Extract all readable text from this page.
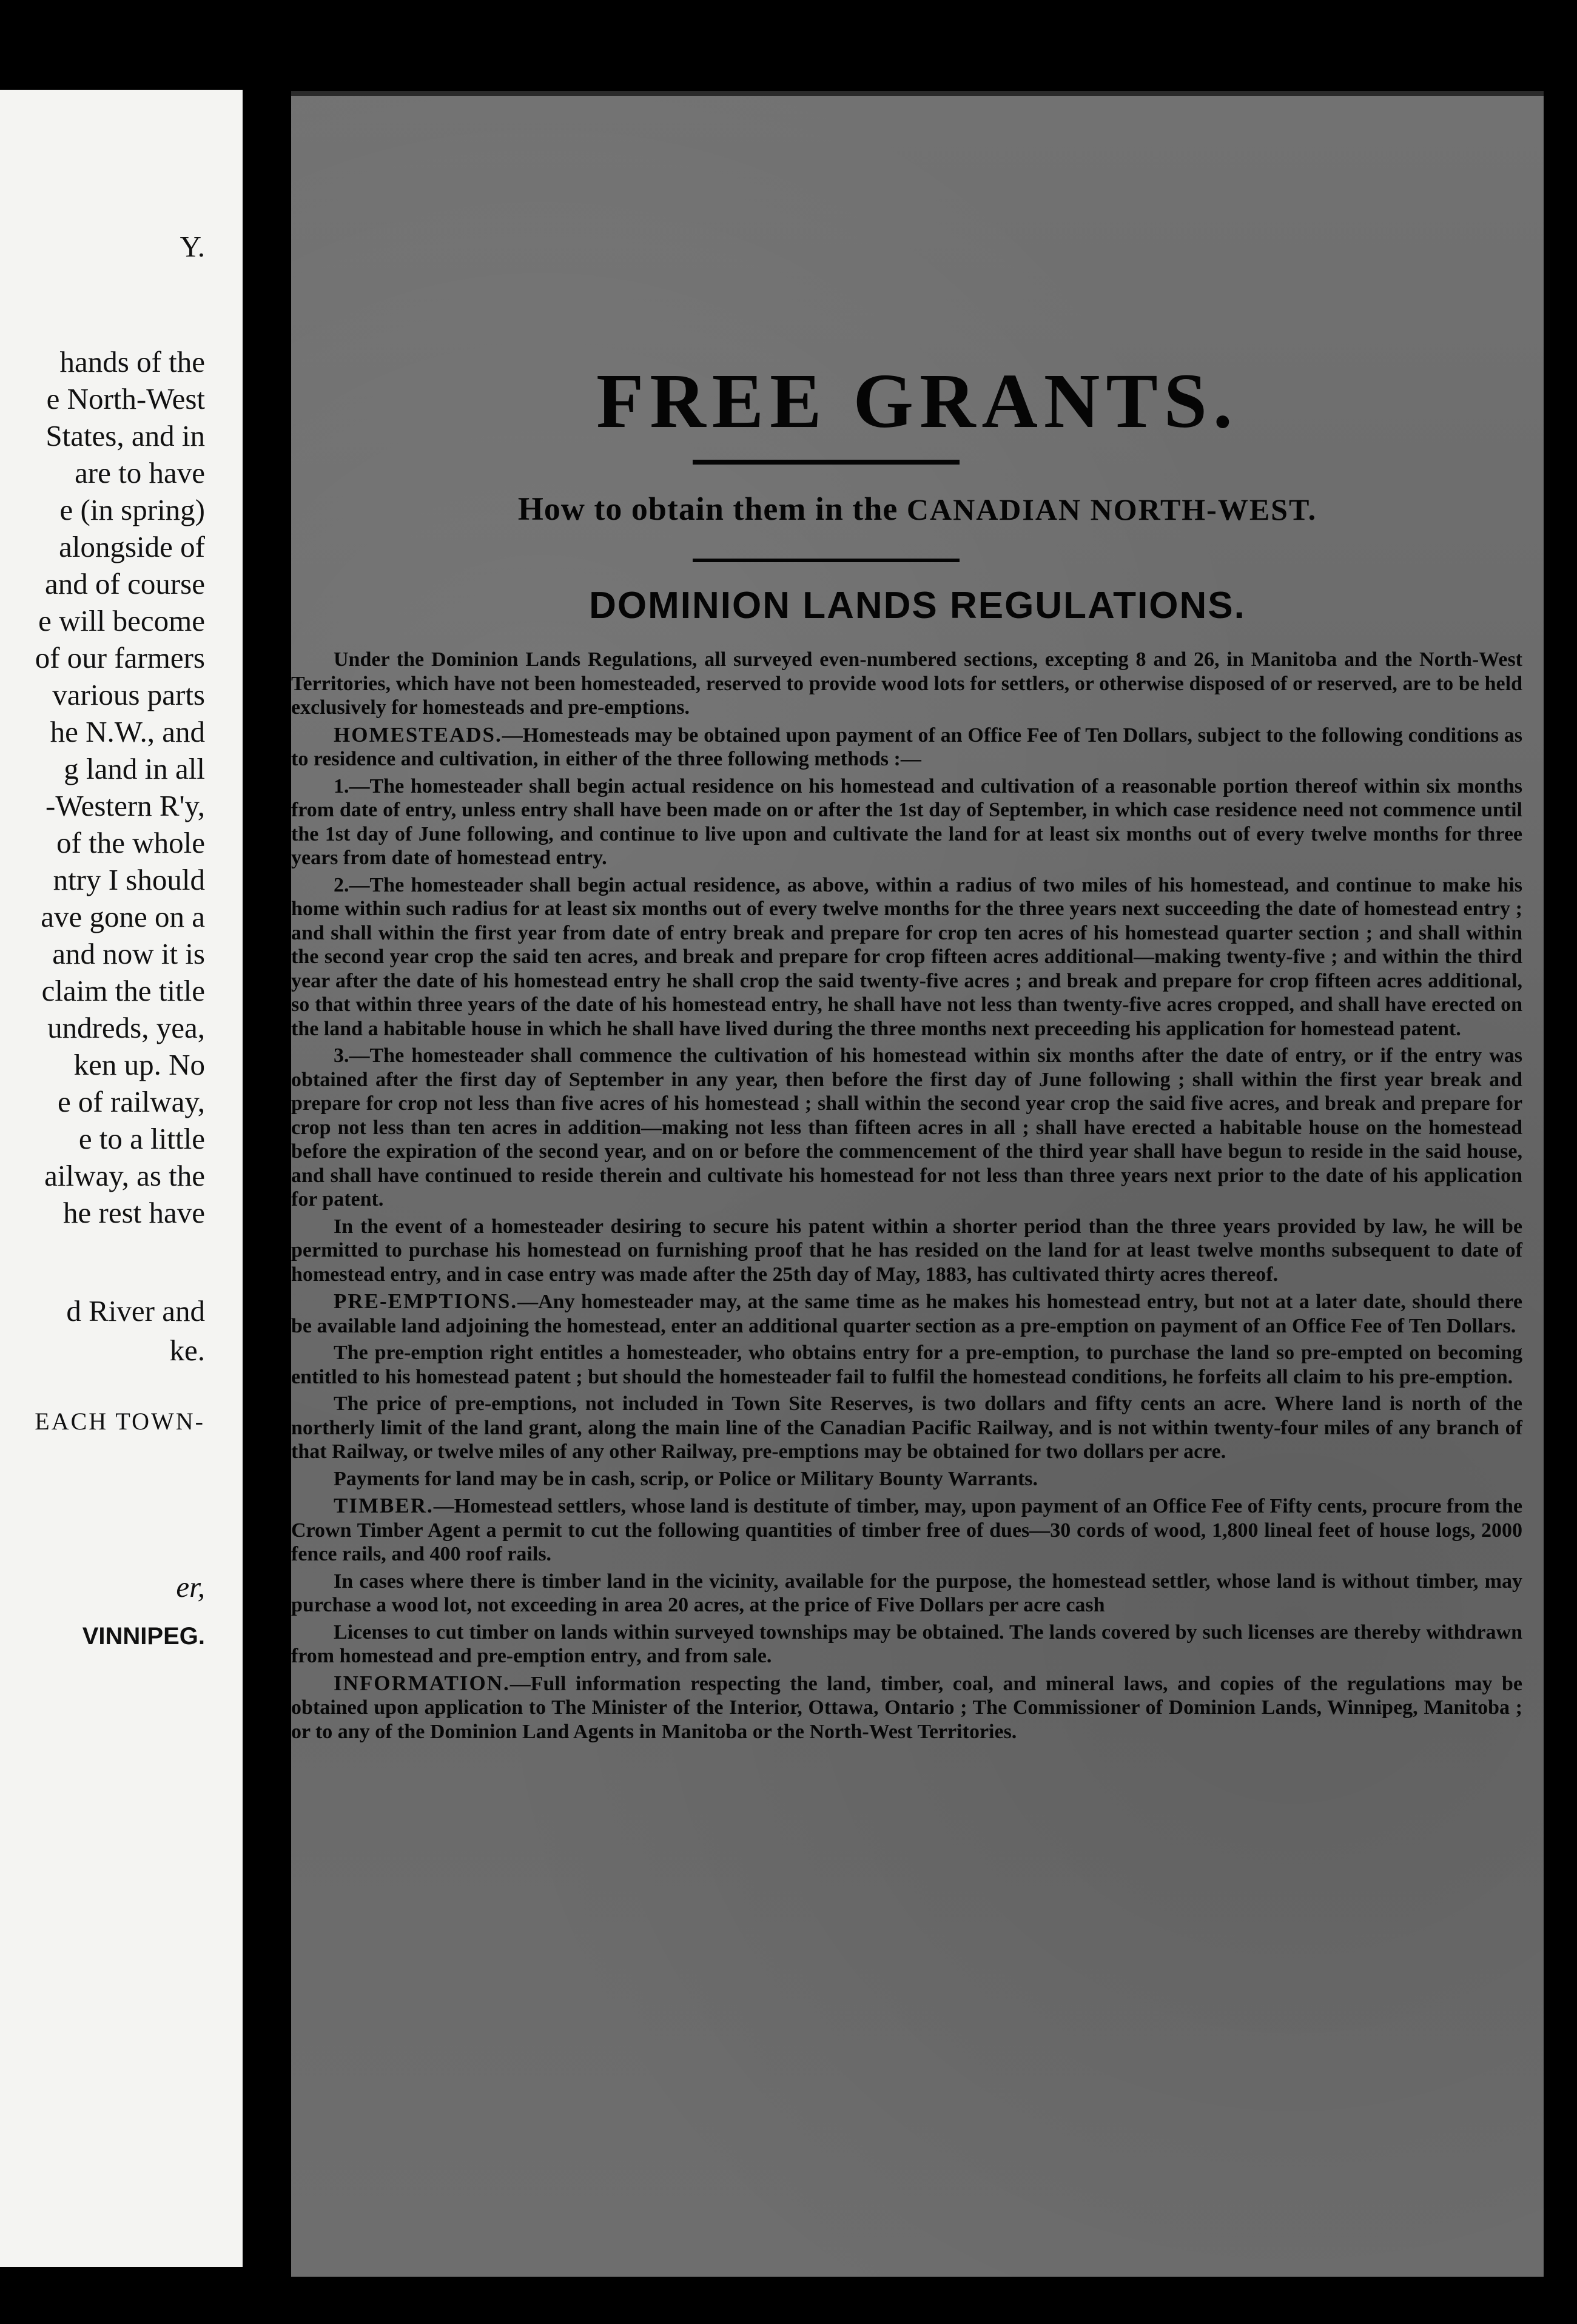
Y.
hands of the
e North-West
States, and in
are to have
e (in spring)
alongside of
and of course
e will become
of our farmers
various parts
he N.W., and
g land in all
-Western R'y,
of the whole
ntry I should
ave gone on a
and now it is
claim the title
undreds, yea,
ken up. No
e of railway,
e to a little
ailway, as the
he rest have
d River and
ke.
EACH TOWN-
er,
VINNIPEG.
FREE GRANTS.
How to obtain them in the CANADIAN NORTH-WEST.
DOMINION LANDS REGULATIONS.

Under the Dominion Lands Regulations, all surveyed even-numbered sections, excepting 8 and 26, in Manitoba and the North-West Territories, which have not been homesteaded, reserved to provide wood lots for settlers, or otherwise disposed of or reserved, are to be held exclusively for homesteads and pre-emptions.

HOMESTEADS.—Homesteads may be obtained upon payment of an Office Fee of Ten Dollars, subject to the following conditions as to residence and cultivation, in either of the three following methods :—

1.—The homesteader shall begin actual residence on his homestead and cultivation of a reasonable portion thereof within six months from date of entry, unless entry shall have been made on or after the 1st day of September, in which case residence need not commence until the 1st day of June following, and continue to live upon and cultivate the land for at least six months out of every twelve months for three years from date of homestead entry.

2.—The homesteader shall begin actual residence, as above, within a radius of two miles of his homestead, and continue to make his home within such radius for at least six months out of every twelve months for the three years next succeeding the date of homestead entry ; and shall within the first year from date of entry break and prepare for crop ten acres of his homestead quarter section ; and shall within the second year crop the said ten acres, and break and prepare for crop fifteen acres additional—making twenty-five ; and within the third year after the date of his homestead entry he shall crop the said twenty-five acres ; and break and prepare for crop fifteen acres additional, so that within three years of the date of his homestead entry, he shall have not less than twenty-five acres cropped, and shall have erected on the land a habitable house in which he shall have lived during the three months next preceeding his application for homestead patent.

3.—The homesteader shall commence the cultivation of his homestead within six months after the date of entry, or if the entry was obtained after the first day of September in any year, then before the first day of June following ; shall within the first year break and prepare for crop not less than five acres of his homestead ; shall within the second year crop the said five acres, and break and prepare for crop not less than ten acres in addition—making not less than fifteen acres in all ; shall have erected a habitable house on the homestead before the expiration of the second year, and on or before the commencement of the third year shall have begun to reside in the said house, and shall have continued to reside therein and cultivate his homestead for not less than three years next prior to the date of his application for patent.

In the event of a homesteader desiring to secure his patent within a shorter period than the three years provided by law, he will be permitted to purchase his homestead on furnishing proof that he has resided on the land for at least twelve months subsequent to date of homestead entry, and in case entry was made after the 25th day of May, 1883, has cultivated thirty acres thereof.

PRE-EMPTIONS.—Any homesteader may, at the same time as he makes his homestead entry, but not at a later date, should there be available land adjoining the homestead, enter an additional quarter section as a pre-emption on payment of an Office Fee of Ten Dollars.

The pre-emption right entitles a homesteader, who obtains entry for a pre-emption, to purchase the land so pre-empted on becoming entitled to his homestead patent ; but should the homesteader fail to fulfil the homestead conditions, he forfeits all claim to his pre-emption.

The price of pre-emptions, not included in Town Site Reserves, is two dollars and fifty cents an acre. Where land is north of the northerly limit of the land grant, along the main line of the Canadian Pacific Railway, and is not within twenty-four miles of any branch of that Railway, or twelve miles of any other Railway, pre-emptions may be obtained for two dollars per acre.

Payments for land may be in cash, scrip, or Police or Military Bounty Warrants.

TIMBER.—Homestead settlers, whose land is destitute of timber, may, upon payment of an Office Fee of Fifty cents, procure from the Crown Timber Agent a permit to cut the following quantities of timber free of dues—30 cords of wood, 1,800 lineal feet of house logs, 2000 fence rails, and 400 roof rails.

In cases where there is timber land in the vicinity, available for the purpose, the homestead settler, whose land is without timber, may purchase a wood lot, not exceeding in area 20 acres, at the price of Five Dollars per acre cash

Licenses to cut timber on lands within surveyed townships may be obtained. The lands covered by such licenses are thereby withdrawn from homestead and pre-emption entry, and from sale.

INFORMATION.—Full information respecting the land, timber, coal, and mineral laws, and copies of the regulations may be obtained upon application to The Minister of the Interior, Ottawa, Ontario ; The Commissioner of Dominion Lands, Winnipeg, Manitoba ; or to any of the Dominion Land Agents in Manitoba or the North-West Territories.
